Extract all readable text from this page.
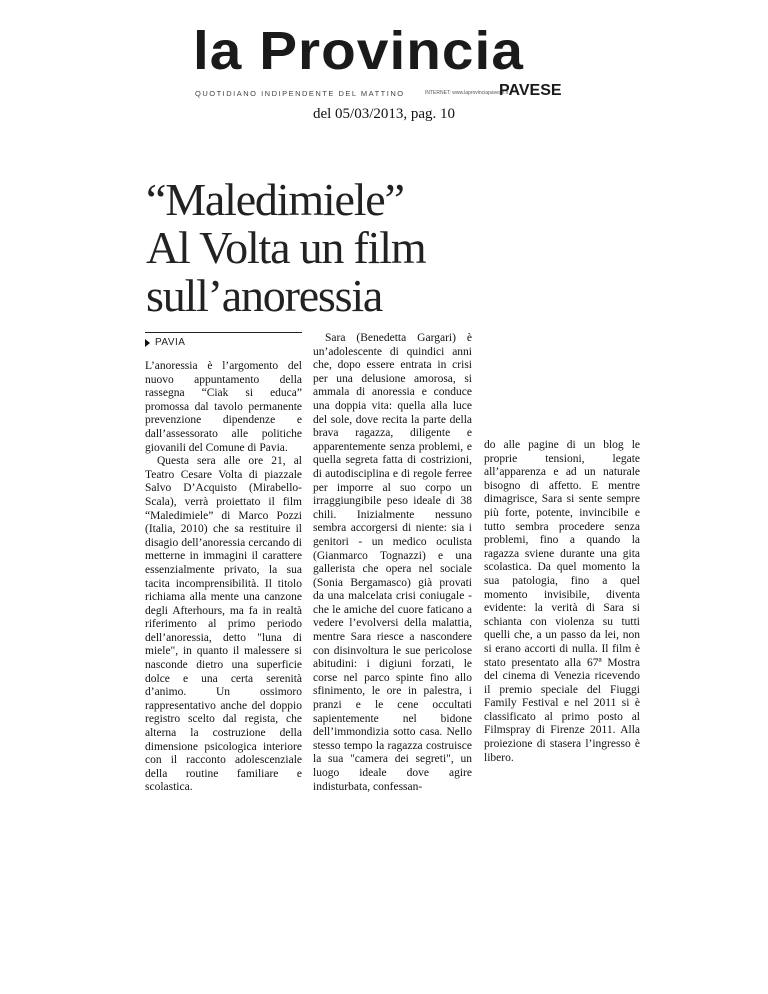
la Provincia
QUOTIDIANO INDIPENDENTE DEL MATTINO	INTERNET: www.laprovinciapavese.it
PAVESE
del 05/03/2013, pag. 10
“Maledimiele”
Al Volta un film
sull’anoressia
PAVIA

L’anoressia è l’argomento del nuovo appuntamento della rassegna “Ciak si educa” promossa dal tavolo permanente prevenzione dipendenze e dall’assessorato alle politiche giovanili del Comune di Pavia.

Questa sera alle ore 21, al Teatro Cesare Volta di piazzale Salvo D’Acquisto (Mirabello-Scala), verrà proiettato il film “Maledimiele” di Marco Pozzi (Italia, 2010) che sa restituire il disagio dell’anoressia cercando di metterne in immagini il carattere essenzialmente privato, la sua tacita incomprensibilità. Il titolo richiama alla mente una canzone degli Afterhours, ma fa in realtà riferimento al primo periodo dell’anoressia, detto "luna di miele", in quanto il malessere si nasconde dietro una superficie dolce e una certa serenità d’animo. Un ossimoro rappresentativo anche del doppio registro scelto dal regista, che alterna la costruzione della dimensione psicologica interiore con il racconto adolescenziale della routine familiare e scolastica.

Sara (Benedetta Gargari) è un’adolescente di quindici anni che, dopo essere entrata in crisi per una delusione amorosa, si ammala di anoressia e conduce una doppia vita: quella alla luce del sole, dove recita la parte della brava ragazza, diligente e apparentemente senza problemi, e quella segreta fatta di costrizioni, di autodisciplina e di regole ferree per imporre al suo corpo un irraggiungibile peso ideale di 38 chili. Inizialmente nessuno sembra accorgersi di niente: sia i genitori - un medico oculista (Gianmarco Tognazzi) e una gallerista che opera nel sociale (Sonia Bergamasco) già provati da una malcelata crisi coniugale - che le amiche del cuore faticano a vedere l’evolversi della malattia, mentre Sara riesce a nascondere con disinvoltura le sue pericolose abitudini: i digiuni forzati, le corse nel parco spinte fino allo sfinimento, le ore in palestra, i pranzi e le cene occultati sapientemente nel bidone dell’immondizia sotto casa. Nello stesso tempo la ragazza costruisce la sua "camera dei segreti", un luogo ideale dove agire indisturbata, confessan-

do alle pagine di un blog le proprie tensioni, legate all’apparenza e ad un naturale bisogno di affetto. E mentre dimagrisce, Sara si sente sempre più forte, potente, invincibile e tutto sembra procedere senza problemi, fino a quando la ragazza sviene durante una gita scolastica. Da quel momento la sua patologia, fino a quel momento invisibile, diventa evidente: la verità di Sara si schianta con violenza su tutti quelli che, a un passo da lei, non si erano accorti di nulla. Il film è stato presentato alla 67ª Mostra del cinema di Venezia ricevendo il premio speciale del Fiuggi Family Festival e nel 2011 si è classificato al primo posto al Filmspray di Firenze 2011. Alla proiezione di stasera l’ingresso è libero.
